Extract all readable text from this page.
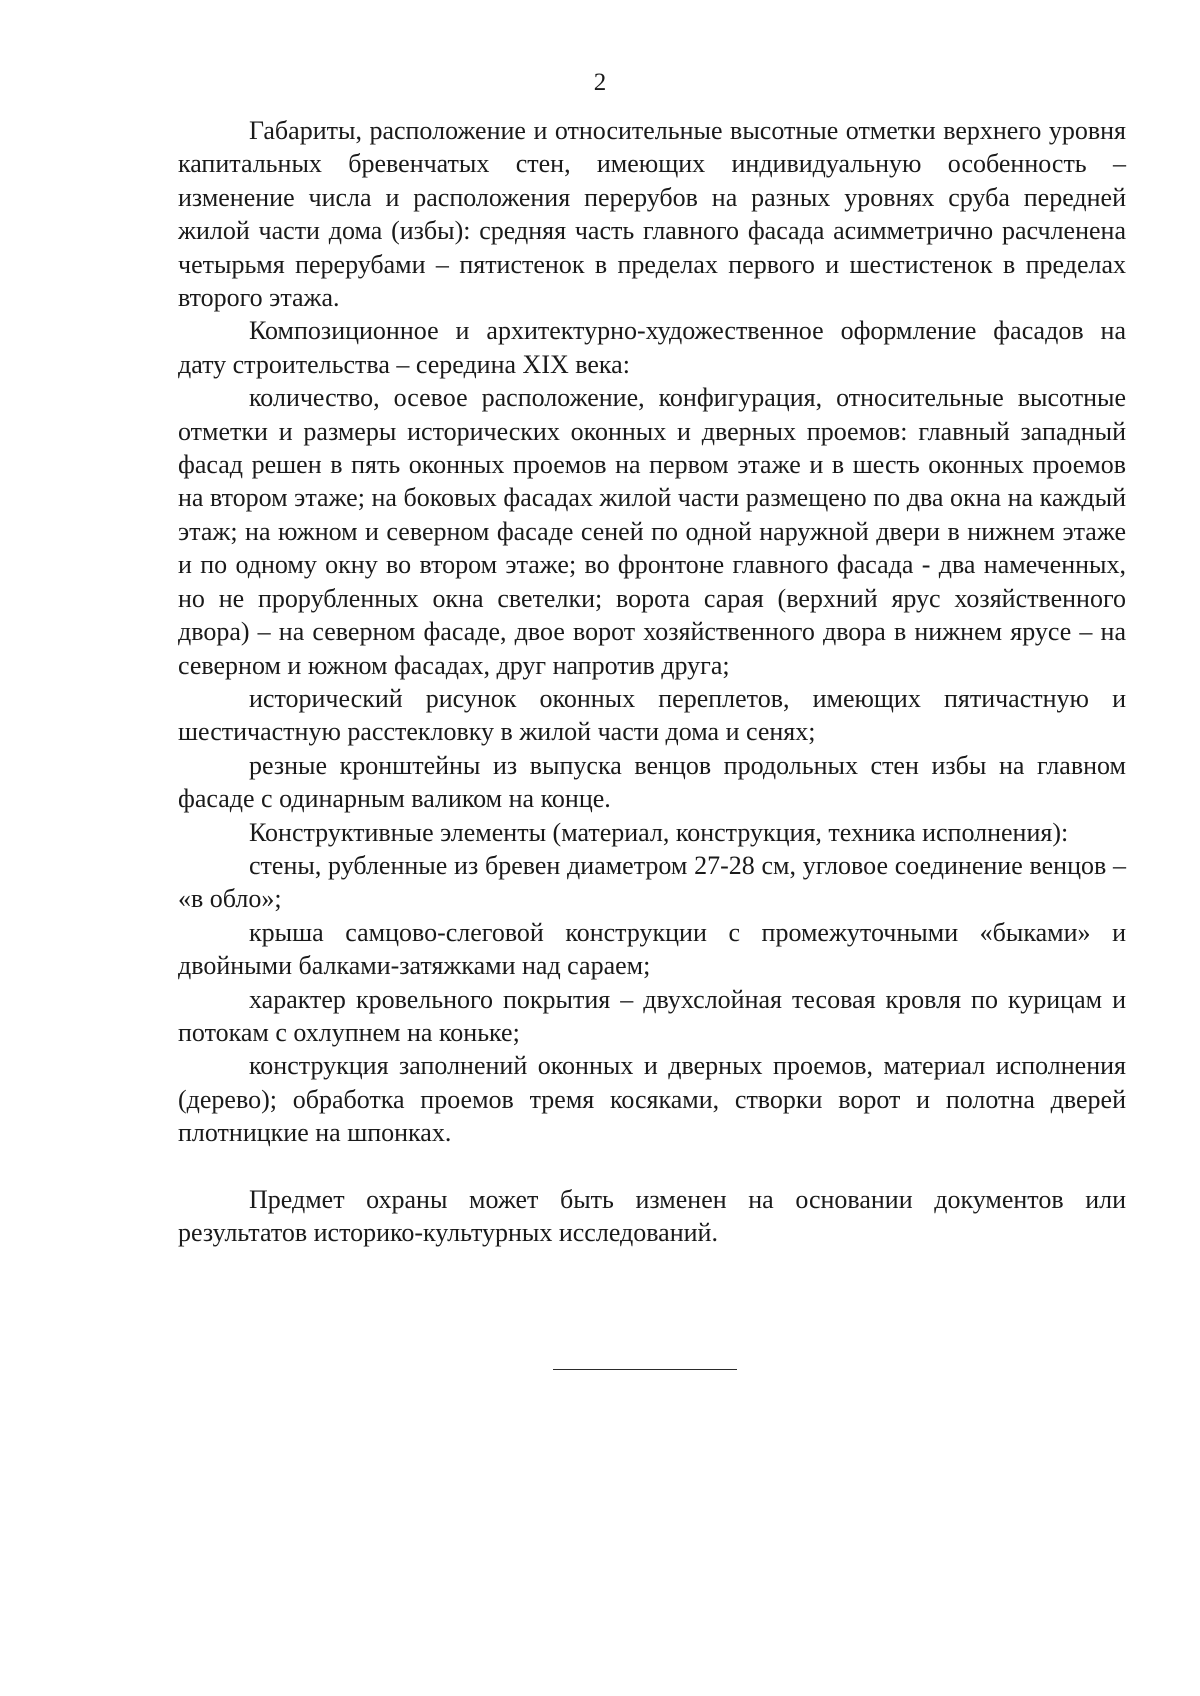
2

Габариты, расположение и относительные высотные отметки верхнего уровня капитальных бревенчатых стен, имеющих индивидуальную особенность – изменение числа и расположения перерубов на разных уровнях сруба передней жилой части дома (избы): средняя часть главного фасада асимметрично расчленена четырьмя перерубами – пятистенок в пределах первого и шестистенок в пределах второго этажа.

Композиционное и архитектурно-художественное оформление фасадов на дату строительства – середина XIX века:

количество, осевое расположение, конфигурация, относительные высотные отметки и размеры исторических оконных и дверных проемов: главный западный фасад решен в пять оконных проемов на первом этаже и в шесть оконных проемов на втором этаже; на боковых фасадах жилой части размещено по два окна на каждый этаж; на южном и северном фасаде сеней по одной наружной двери в нижнем этаже и по одному окну во втором этаже; во фронтоне главного фасада - два намеченных, но не прорубленных окна светелки; ворота сарая (верхний ярус хозяйственного двора) – на северном фасаде, двое ворот хозяйственного двора в нижнем ярусе – на северном и южном фасадах, друг напротив друга;

исторический рисунок оконных переплетов, имеющих пятичастную и шестичастную расстекловку в жилой части дома и сенях;

резные кронштейны из выпуска венцов продольных стен избы на главном фасаде с одинарным валиком на конце.

Конструктивные элементы (материал, конструкция, техника исполнения):

стены, рубленные из бревен диаметром 27-28 см, угловое соединение венцов – «в обло»;

крыша самцово-слеговой конструкции с промежуточными «быками» и двойными балками-затяжками над сараем;

характер кровельного покрытия – двухслойная тесовая кровля по курицам и потокам с охлупнем на коньке;

конструкция заполнений оконных и дверных проемов, материал исполнения (дерево); обработка проемов тремя косяками, створки ворот и полотна дверей плотницкие на шпонках.

Предмет охраны может быть изменен на основании документов или результатов историко-культурных исследований.
